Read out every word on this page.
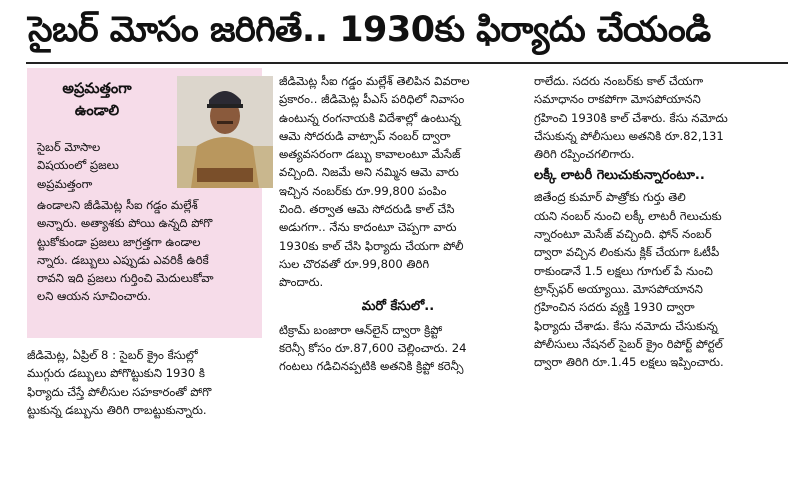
సైబర్ మోసం జరిగితే.. 1930కు ఫిర్యాదు చేయండి
అప్రమత్తంగా
ఉండాలి
సైబర్ మోసాల
విషయంలో ప్రజలు
అప్రమత్తంగా
ఉండాలని జీడిమెట్ల సీఐ గడ్డం మల్లేశ్
అన్నారు. అత్యాశకు పోయి ఉన్నది పోగొ
ట్టుకోకుండా ప్రజలు జాగ్రత్తగా ఉండాల
న్నారు. డబ్బులు ఎప్పుడు ఎవరికీ ఉరికే
రావని ఇది ప్రజలు గుర్తించి మెదులుకోవా
లని ఆయన సూచించారు.

జీడిమెట్ల, ఏప్రిల్ 8 : సైబర్ క్రైం కేసుల్లో
ముగ్గురు డబ్బులు పోగొట్టుకుని 1930 కి
ఫిర్యాదు చేస్తే పోలీసుల సహకారంతో పోగొ
ట్టుకున్న డబ్బును తిరిగి రాబట్టుకున్నారు.

జీడిమెట్ల సీఐ గడ్డం మల్లేశ్ తెలిపిన వివరాల
ప్రకారం.. జీడిమెట్ల పీఎస్ పరిధిలో నివాసం
ఉంటున్న రంగనాయకి విదేశాల్లో ఉంటున్న
ఆమె సోదరుడి వాట్సాప్ నంబర్ ద్వారా
అత్యవసరంగా డబ్బు కావాలంటూ మేసేజ్
వచ్చింది. నిజమే అని నమ్మిన ఆమె వారు
ఇచ్చిన నంబర్‌కు రూ.99,800 పంపిం
చింది. తర్వాత ఆమె సోదరుడి కాల్ చేసి
అడుగగా.. నేను కాదంటూ చెప్పగా వారు
1930కు కాల్ చేసి ఫిర్యాదు చేయగా పోలీ
సుల చొరవతో రూ.99,800 తిరిగి
పొందారు.

మరో కేసులో..

టిక్రామ్ బంజారా ఆన్‌లైన్ ద్వారా క్రిప్టో
కరెన్సీ కోసం రూ.87,600 చెల్లించారు. 24
గంటలు గడిచినప్పటికి అతనికి క్రిప్టో కరెన్సీ

రాలేదు. సదరు నంబర్‌కు కాల్ చేయగా
సమాధానం రాకపోగా మోసపోయానని
గ్రహించి 1930కి కాల్ చేశారు. కేసు నమోదు
చేసుకున్న పోలీసులు అతనికి రూ.82,131
తిరిగి రప్పించగలిగారు.

లక్కీ లాటరీ గెలుచుకున్నారంటూ..

జితేంద్ర కుమార్ పాత్రోకు గుర్తు తెలి
యని నంబర్ నుంచి లక్కీ లాటరీ గెలుచుకు
న్నారంటూ మెసేజ్ వచ్చింది. ఫోన్ నంబర్
ద్వారా వచ్చిన లింకును క్లిక్ చేయగా ఓటీపీ
రాకుండానే 1.5 లక్షలు గూగుల్ పే నుంచి
ట్రాన్స్‌ఫర్ అయ్యాయి. మోసపోయానని
గ్రహించిన సదరు వ్యక్తి 1930 ద్వారా
ఫిర్యాదు చేశాడు. కేసు నమోదు చేసుకున్న
పోలీసులు నేషనల్ సైబర్ క్రైం రిపోర్ట్ పోర్టల్
ద్వారా తిరిగి రూ.1.45 లక్షలు ఇప్పించారు.
